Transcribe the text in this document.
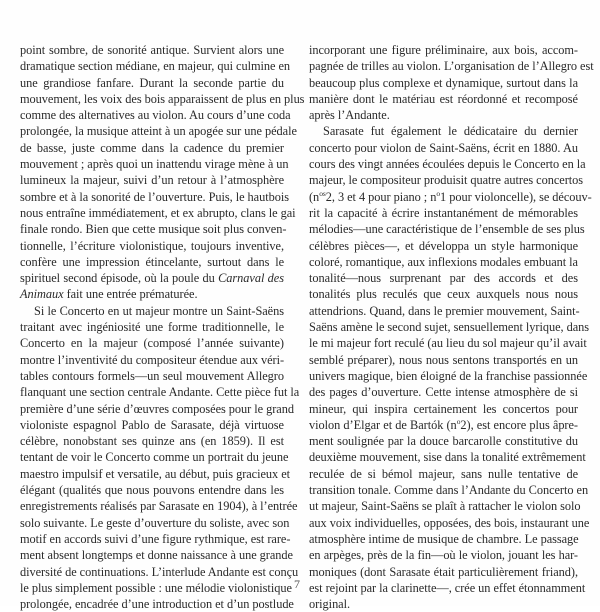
point sombre, de sonorité antique. Survient alors une
dramatique section médiane, en majeur, qui culmine en
une grandiose fanfare. Durant la seconde partie du
mouvement, les voix des bois apparaissent de plus en plus
comme des alternatives au violon. Au cours d’une coda
prolongée, la musique atteint à un apogée sur une pédale
de basse, juste comme dans la cadence du premier
mouvement ; après quoi un inattendu virage mène à un
lumineux la majeur, suivi d’un retour à l’atmosphère
sombre et à la sonorité de l’ouverture. Puis, le hautbois
nous entraîne immédiatement, et ex abrupto, clans le gai
finale rondo. Bien que cette musique soit plus conven-
tionnelle, l’écriture violonistique, toujours inventive,
confère une impression étincelante, surtout dans le
spirituel second épisode, où la poule du Carnaval des
Animaux fait une entrée prématurée.
Si le Concerto en ut majeur montre un Saint-Saëns
traitant avec ingéniosité une forme traditionnelle, le
Concerto en la majeur (composé l’année suivante)
montre l’inventivité du compositeur étendue aux véri-
tables contours formels—un seul mouvement Allegro
flanquant une section centrale Andante. Cette pièce fut la
première d’une série d’œuvres composées pour le grand
violoniste espagnol Pablo de Sarasate, déjà virtuose
célèbre, nonobstant ses quinze ans (en 1859). Il est
tentant de voir le Concerto comme un portrait du jeune
maestro impulsif et versatile, au début, puis gracieux et
élégant (qualités que nous pouvons entendre dans les
enregistrements réalisés par Sarasate en 1904), à l’entrée
solo suivante. Le geste d’ouverture du soliste, avec son
motif en accords suivi d’une figure rythmique, est rare-
ment absent longtemps et donne naissance à une grande
diversité de continuations. L’interlude Andante est conçu
le plus simplement possible : une mélodie violonistique
prolongée, encadrée d’une introduction et d’un postlude
incorporant une figure préliminaire, aux bois, accom-
pagnée de trilles au violon. L’organisation de l’Allegro est
beaucoup plus complexe et dynamique, surtout dans la
manière dont le matériau est réordonné et recomposé
après l’Andante.
Sarasate fut également le dédicataire du dernier
concerto pour violon de Saint-Saëns, écrit en 1880. Au
cours des vingt années écoulées depuis le Concerto en la
majeur, le compositeur produisit quatre autres concertos
($n^{os}2$, 3 et 4 pour piano ; $n^o1$ pour violoncelle), se découv-
rit la capacité à écrire instantanément de mémorables
mélodies—une caractéristique de l’ensemble de ses plus
célèbres pièces—, et développa un style harmonique
coloré, romantique, aux inflexions modales embuant la
tonalité—nous surprenant par des accords et des
tonalités plus reculés que ceux auxquels nous nous
attendrions. Quand, dans le premier mouvement, Saint-
Saëns amène le second sujet, sensuellement lyrique, dans
le mi majeur fort reculé (au lieu du sol majeur qu’il avait
semblé préparer), nous nous sentons transportés en un
univers magique, bien éloigné de la franchise passionnée
des pages d’ouverture. Cette intense atmosphère de si
mineur, qui inspira certainement les concertos pour
violon d’Elgar et de Bartók $(n^o2)$, est encore plus âpre-
ment soulignée par la douce barcarolle constitutive du
deuxième mouvement, sise dans la tonalité extrêmement
reculée de si bémol majeur, sans nulle tentative de
transition tonale. Comme dans l’Andante du Concerto en
ut majeur, Saint-Saëns se plaît à rattacher le violon solo
aux voix individuelles, opposées, des bois, instaurant une
atmosphère intime de musique de chambre. Le passage
en arpèges, près de la fin—où le violon, jouant les har-
moniques (dont Sarasate était particulièrement friand),
est rejoint par la clarinette—, crée un effet étonnamment
original.
7
